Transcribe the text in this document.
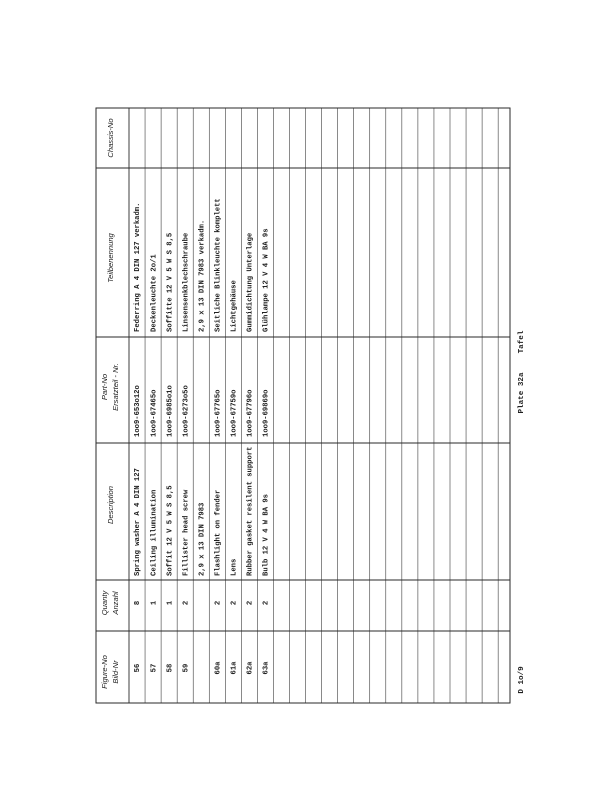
Figure-No Bild-Nr
Quanty Anzahl
Description
Part-No Ersatzteil - Nr.
Teilbenennung
Chassis-No
56
8
Spring washer A 4 DIN 127
1oo9-653o12o
Federring A 4 DIN 127 verkadm.
57
1
Ceiling illumination
1oo9-67465o
Deckenleuchte 2o/1
58
1
Soffit 12 V 5 W S 8,5
1oo9-6985o1o
Soffitte 12 V 5 W S 8,5
59
2
Fillister head screw
1oo9-6273o5o
Linsensenkblechschraube
2,9 x 13 DIN 7983
2,9 x 13 DIN 7983 verkadm.
60a
2
Flashlight on fender
1oo9-67765o
Seitliche Blinkleuchte komplett
61a
2
Lens
1oo9-67759o
Lichtgehäuse
62a
2
Rubber gasket resilent support
1oo9-67796o
Gummidichtung Unterlage
63a
2
Bulb 12 V 4 W BA 9s
1oo9-69869o
Glühlampe 12 V 4 W BA 9s
D 1o/9
Plate 32a
Tafel
